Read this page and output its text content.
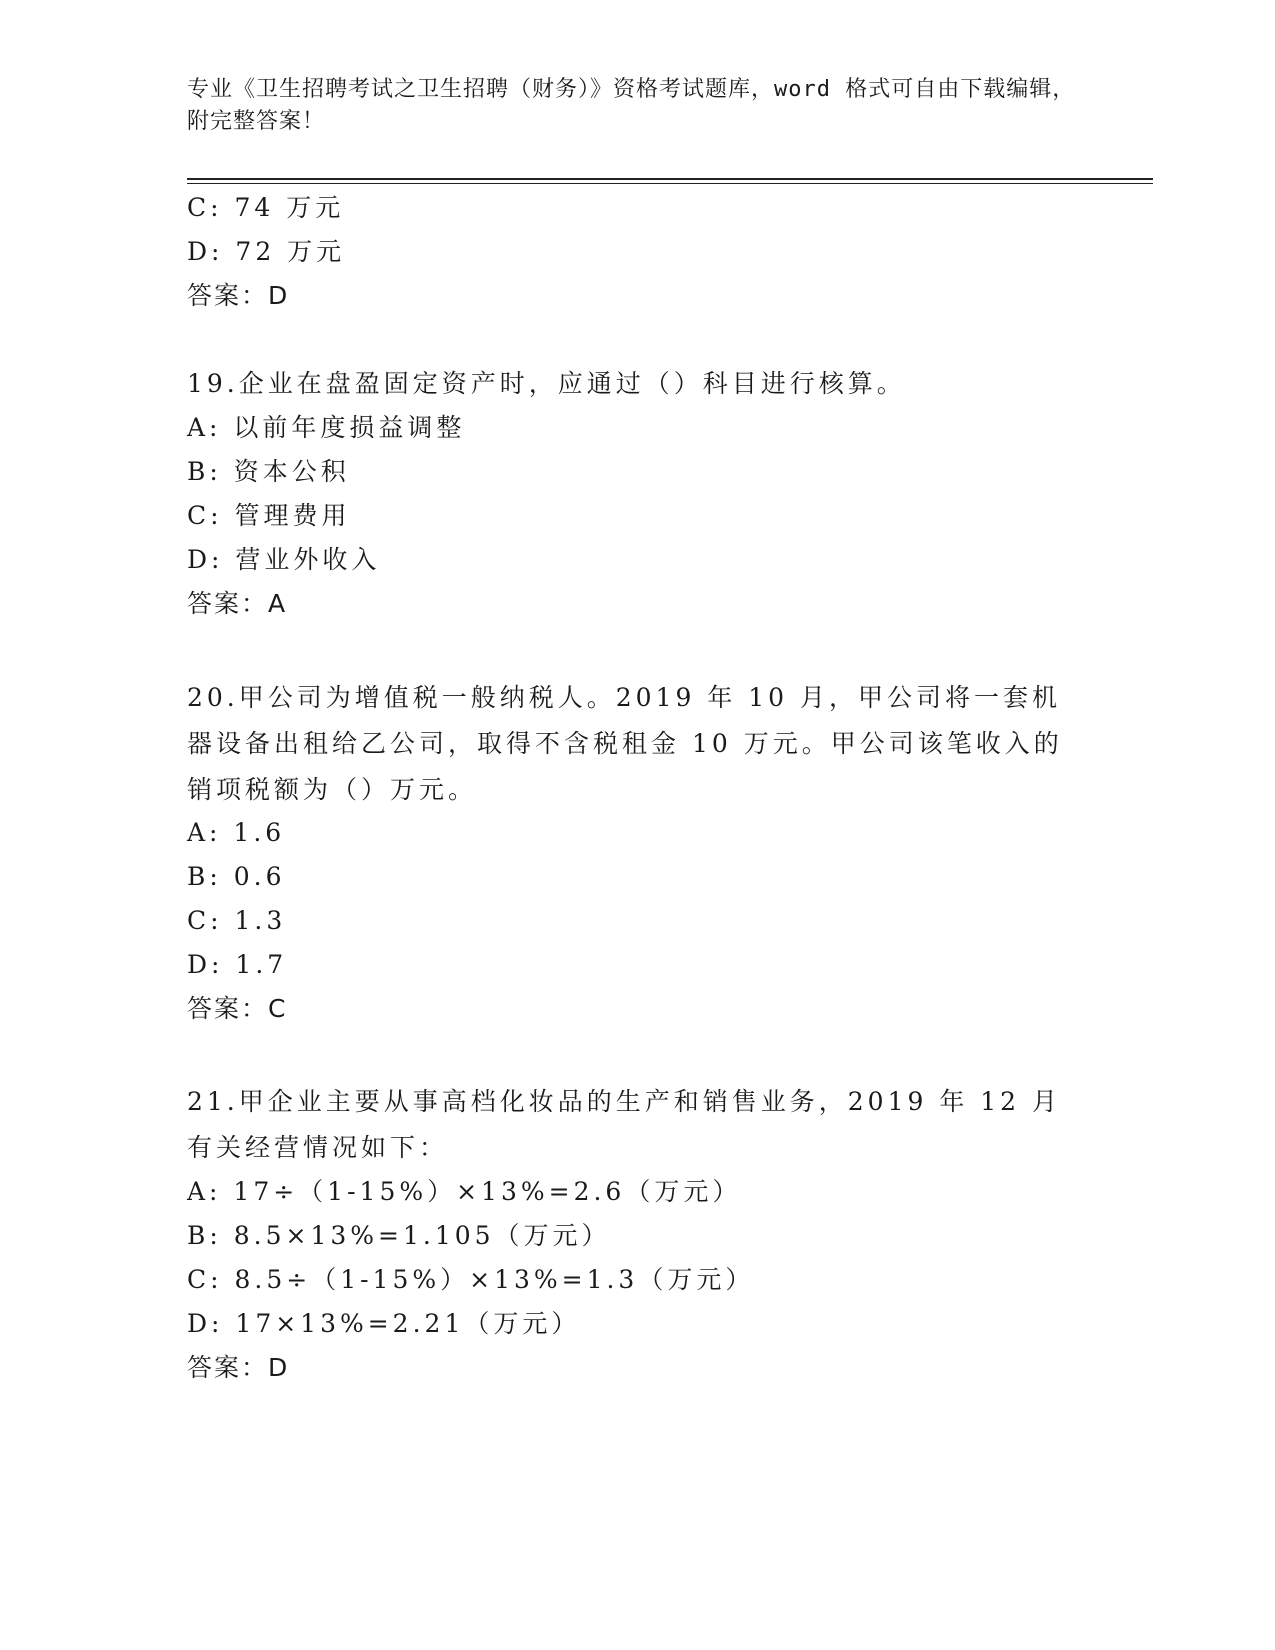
专业《卫生招聘考试之卫生招聘（财务）》资格考试题库，word 格式可自由下载编辑，附完整答案！
C: 74 万元
D: 72 万元
答案：D
19.企业在盘盈固定资产时，应通过（）科目进行核算。
A: 以前年度损益调整
B: 资本公积
C: 管理费用
D: 营业外收入
答案：A
20.甲公司为增值税一般纳税人。2019 年 10 月，甲公司将一套机器设备出租给乙公司，取得不含税租金 10 万元。甲公司该笔收入的销项税额为（）万元。
A: 1.6
B: 0.6
C: 1.3
D: 1.7
答案：C
21.甲企业主要从事高档化妆品的生产和销售业务，2019 年 12 月有关经营情况如下：
A: 17÷（1-15%）×13%=2.6（万元）
B: 8.5×13%=1.105（万元）
C: 8.5÷（1-15%）×13%=1.3（万元）
D: 17×13%=2.21（万元）
答案：D
